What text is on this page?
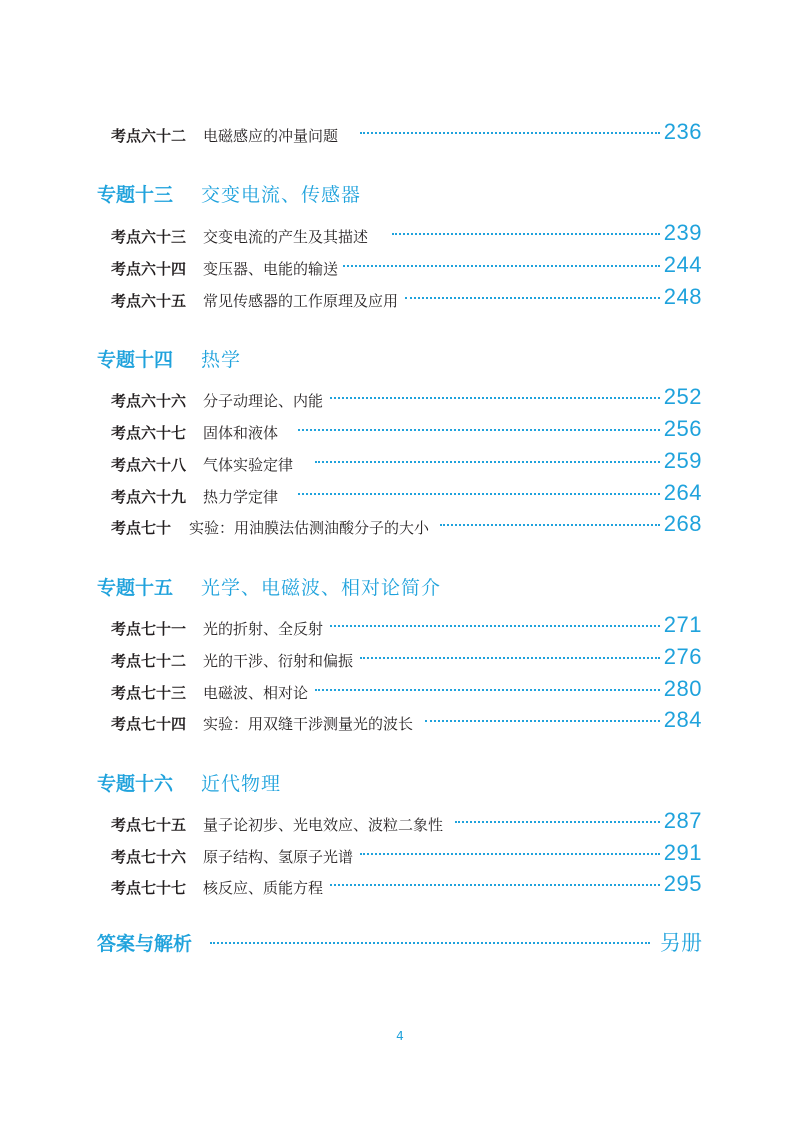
考点六十二 电磁感应的冲量问题	236
专题十三 交变电流、传感器
考点六十三 交变电流的产生及其描述	239
考点六十四 变压器、电能的输送	244
考点六十五 常见传感器的工作原理及应用	248
专题十四 热学
考点六十六 分子动理论、内能	252
考点六十七 固体和液体	256
考点六十八 气体实验定律	259
考点六十九 热力学定律	264
考点七十 实验：用油膜法估测油酸分子的大小	268
专题十五 光学、电磁波、相对论简介
考点七十一 光的折射、全反射	271
考点七十二 光的干涉、衍射和偏振	276
考点七十三 电磁波、相对论	280
考点七十四 实验：用双缝干涉测量光的波长	284
专题十六 近代物理
考点七十五 量子论初步、光电效应、波粒二象性	287
考点七十六 原子结构、氢原子光谱	291
考点七十七 核反应、质能方程	295
答案与解析	另册
4
